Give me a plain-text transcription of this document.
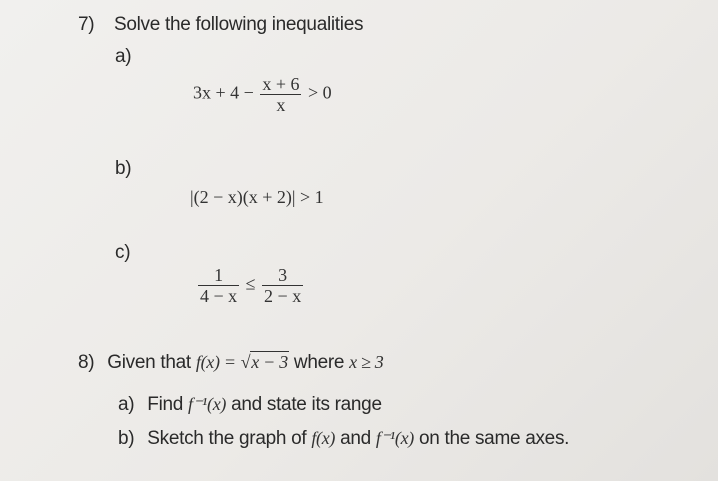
7) Solve the following inequalities
a)
$3x + 4 - \frac{x + 6}{x} > 0$
b)
|(2 − x)(x + 2)| > 1
c)
$\frac{1}{4 - x} \le \frac{3}{2 - x}$
8) Given that f(x) = √x − 3 where x ≥ 3
a) Find f⁻¹(x) and state its range
b) Sketch the graph of f(x) and f⁻¹(x) on the same axes.
